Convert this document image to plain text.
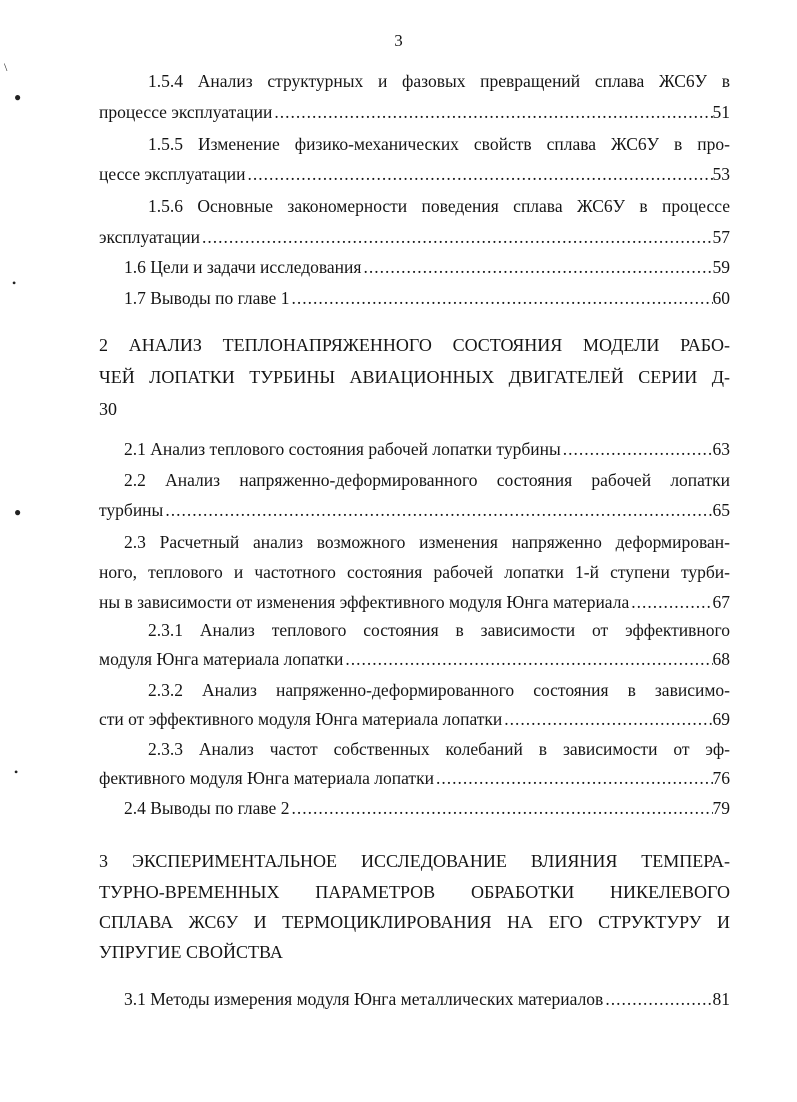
3
\
●
•
●
•
1.5.4 Анализ структурных и фазовых превращений сплава ЖС6У в
процессе эксплуатации .....	51
1.5.5 Изменение физико-механических свойств сплава ЖС6У в про-
цессе эксплуатации .....	53
1.5.6 Основные закономерности поведения сплава ЖС6У в процессе
эксплуатации .....	57
1.6 Цели и задачи исследования .....	59
1.7 Выводы по главе 1 .....	60
2 АНАЛИЗ ТЕПЛОНАПРЯЖЕННОГО СОСТОЯНИЯ МОДЕЛИ РАБО-
ЧЕЙ ЛОПАТКИ ТУРБИНЫ АВИАЦИОННЫХ ДВИГАТЕЛЕЙ СЕРИИ Д-
30
2.1 Анализ теплового состояния рабочей лопатки турбины .....	63
2.2 Анализ напряженно-деформированного состояния рабочей лопатки
турбины .....	65
2.3 Расчетный анализ возможного изменения напряженно деформирован-
ного, теплового и частотного состояния рабочей лопатки 1-й ступени турби-
ны в зависимости от изменения эффективного модуля Юнга материала .....	67
2.3.1 Анализ теплового состояния в зависимости от эффективного
модуля Юнга материала лопатки .....	68
2.3.2 Анализ напряженно-деформированного состояния в зависимо-
сти от эффективного модуля Юнга материала лопатки .....	69
2.3.3 Анализ частот собственных колебаний в зависимости от эф-
фективного модуля Юнга материала лопатки .....	76
2.4 Выводы по главе 2 .....	79
3 ЭКСПЕРИМЕНТАЛЬНОЕ ИССЛЕДОВАНИЕ ВЛИЯНИЯ ТЕМПЕРА-
ТУРНО-ВРЕМЕННЫХ ПАРАМЕТРОВ ОБРАБОТКИ НИКЕЛЕВОГО
СПЛАВА ЖС6У И ТЕРМОЦИКЛИРОВАНИЯ НА ЕГО СТРУКТУРУ И
УПРУГИЕ СВОЙСТВА
3.1 Методы измерения модуля Юнга металлических материалов .....	81
